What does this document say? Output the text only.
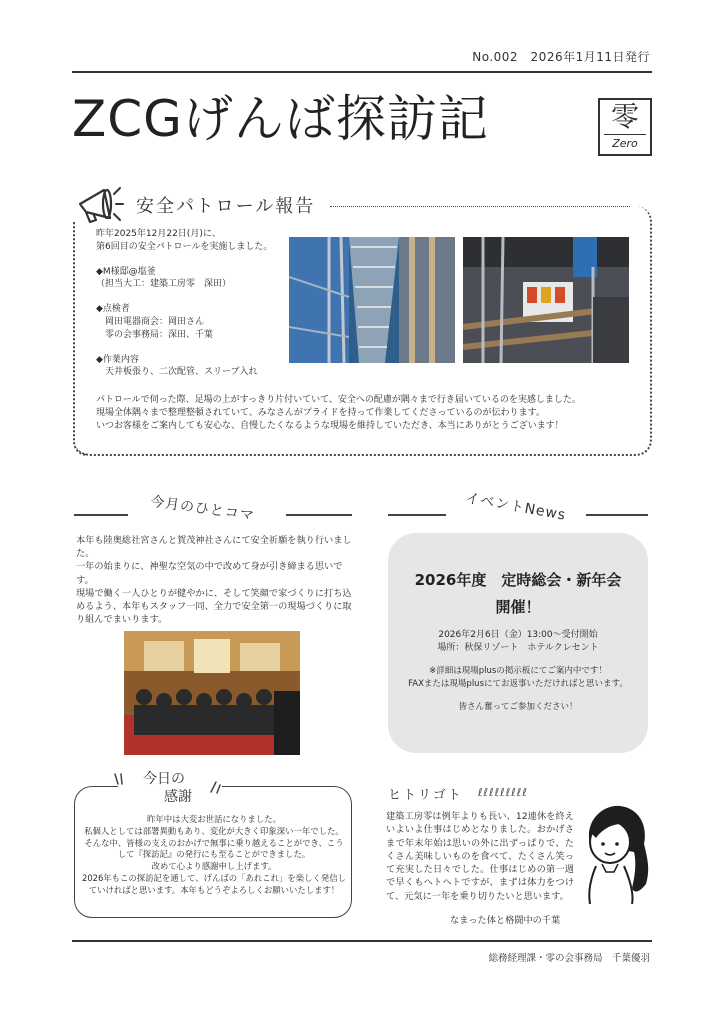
No.002　2026年1月11日発行
ZCGげんば探訪記	零
Zero
安全パトロール報告
昨年2025年12月22日(月)に、
第6回目の安全パトロールを実施しました。
◆M様邸@塩釜
（担当大工：建築工房零　深田）
◆点検者
　岡田電器商会：岡田さん
　零の会事務局：深田、千葉
◆作業内容
　天井板張り、二次配管、スリーブ入れ
パトロールで伺った際、足場の上がすっきり片付いていて、安全への配慮が隅々まで行き届いているのを実感しました。
現場全体隅々まで整理整頓されていて、みなさんがプライドを持って作業してくださっているのが伝わります。
いつお客様をご案内しても安心な、自慢したくなるような現場を維持していただき、本当にありがとうございます！
今月のひとコマ
本年も陸奥総社宮さんと賀茂神社さんにて安全祈願を執り行いました。
一年の始まりに、神聖な空気の中で改めて身が引き締まる思いです。
現場で働く一人ひとりが健やかに、そして笑顔で家づくりに打ち込めるよう、本年もスタッフ一同、全力で安全第一の現場づくりに取り組んでまいります。
イベントNews
2026年度　定時総会・新年会
開催！
2026年2月6日（金）13:00〜受付開始
場所：秋保リゾート　ホテルクレセント
※詳細は現場plusの掲示板にてご案内中です！
FAXまたは現場plusにてお返事いただければと思います。
皆さん奮ってご参加ください！
今日の
感謝
昨年中は大変お世話になりました。
私個人としては部署異動もあり、変化が大きく印象深い一年でした。
そんな中、皆様の支えのおかげで無事に乗り越えることができ、こう
して『探訪記』の発行にも至ることができました。
改めて心より感謝申し上げます。
2026年もこの探訪記を通して、げんばの「あれこれ」を楽しく発信し
ていければと思います。本年もどうぞよろしくお願いいたします！
ヒトリゴト ℓℓℓℓℓℓℓℓℓ
建築工房零は例年よりも長い、12連休を終えいよいよ仕事はじめとなりました。おかげさまで年末年始は思いの外に出ずっぱりで、たくさん美味しいものを食べて、たくさん笑って充実した日々でした。仕事はじめの第一週で早くもヘトヘトですが、まずは体力をつけて、元気に一年を乗り切りたいと思います。
なまった体と格闘中の千葉
総務経理課・零の会事務局　千葉優羽
